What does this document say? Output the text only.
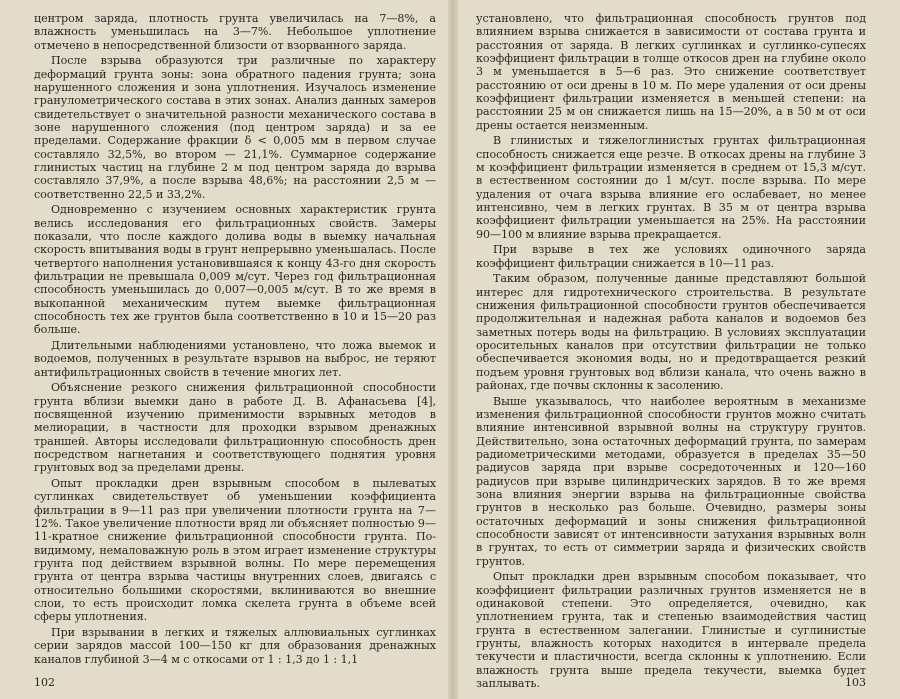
центром заряда, плотность грунта увеличилась на 7—8%, а влажность уменьшилась на 3—7%. Небольшое уплотнение отмечено в непосредственной близости от взорванного заряда.

После взрыва образуются три различные по характеру деформаций грунта зоны: зона обратного падения грунта; зона нарушенного сложения и зона уплотнения. Изучалось изменение гранулометрического состава в этих зонах. Анализ данных замеров свидетельствует о значительной разности механического состава в зоне нарушенного сложения (под центром заряда) и за ее пределами. Содержание фракции δ < 0,005 мм в первом случае составляло 32,5%, во втором — 21,1%. Суммарное содержание глинистых частиц на глубине 2 м под центром заряда до взрыва составляло 37,9%, а после взрыва 48,6%; на расстоянии 2,5 м — соответственно 22,5 и 33,2%.

Одновременно с изучением основных характеристик грунта велись исследования его фильтрационных свойств. Замеры показали, что после каждого долива воды в выемку начальная скорость впитывания воды в грунт непрерывно уменьшалась. После четвертого наполнения установившаяся к концу 43-го дня скорость фильтрации не превышала 0,009 м/сут. Через год фильтрационная способность уменьшилась до 0,007—0,005 м/сут. В то же время в выкопанной механическим путем выемке фильтрационная способность тех же грунтов была соответственно в 10 и 15—20 раз больше.

Длительными наблюдениями установлено, что ложа выемок и водоемов, полученных в результате взрывов на выброс, не теряют антифильтрационных свойств в течение многих лет.

Объяснение резкого снижения фильтрационной способности грунта вблизи выемки дано в работе Д. В. Афанасьева [4], посвященной изучению применимости взрывных методов в мелиорации, в частности для проходки взрывом дренажных траншей. Авторы исследовали фильтрационную способность дрен посредством нагнетания и соответствующего поднятия уровня грунтовых вод за пределами дрены.

Опыт прокладки дрен взрывным способом в пылеватых суглинках свидетельствует об уменьшении коэффициента фильтрации в 9—11 раз при увеличении плотности грунта на 7—12%. Такое увеличение плотности вряд ли объясняет полностью 9—11-кратное снижение фильтрационной способности грунта. По-видимому, немаловажную роль в этом играет изменение структуры грунта под действием взрывной волны. По мере перемещения грунта от центра взрыва частицы внутренних слоев, двигаясь с относительно большими скоростями, вклиниваются во внешние слои, то есть происходит ломка скелета грунта в объеме всей сферы уплотнения.

При взрывании в легких и тяжелых аллювиальных суглинках серии зарядов массой 100—150 кг для образования дренажных каналов глубиной 3—4 м с откосами от 1 : 1,3 до 1 : 1,1

102

установлено, что фильтрационная способность грунтов под влиянием взрыва снижается в зависимости от состава грунта и расстояния от заряда. В легких суглинках и суглинко-супесях коэффициент фильтрации в толще откосов дрен на глубине около 3 м уменьшается в 5—6 раз. Это снижение соответствует расстоянию от оси дрены в 10 м. По мере удаления от оси дрены коэффициент фильтрации изменяется в меньшей степени: на расстоянии 25 м он снижается лишь на 15—20%, а в 50 м от оси дрены остается неизменным.

В глинистых и тяжелоглинистых грунтах фильтрационная способность снижается еще резче. В откосах дрены на глубине 3 м коэффициент фильтрации изменяется в среднем от 15,3 м/сут. в естественном состоянии до 1 м/сут. после взрыва. По мере удаления от очага взрыва влияние его ослабевает, но менее интенсивно, чем в легких грунтах. В 35 м от центра взрыва коэффициент фильтрации уменьшается на 25%. На расстоянии 90—100 м влияние взрыва прекращается.

При взрыве в тех же условиях одиночного заряда коэффициент фильтрации снижается в 10—11 раз.

Таким образом, полученные данные представляют большой интерес для гидротехнического строительства. В результате снижения фильтрационной способности грунтов обеспечивается продолжительная и надежная работа каналов и водоемов без заметных потерь воды на фильтрацию. В условиях эксплуатации оросительных каналов при отсутствии фильтрации не только обеспечивается экономия воды, но и предотвращается резкий подъем уровня грунтовых вод вблизи канала, что очень важно в районах, где почвы склонны к засолению.

Выше указывалось, что наиболее вероятным в механизме изменения фильтрационной способности грунтов можно считать влияние интенсивной взрывной волны на структуру грунтов. Действительно, зона остаточных деформаций грунта, по замерам радиометрическими методами, образуется в пределах 35—50 радиусов заряда при взрыве сосредоточенных и 120—160 радиусов при взрыве цилиндрических зарядов. В то же время зона влияния энергии взрыва на фильтрационные свойства грунтов в несколько раз больше. Очевидно, размеры зоны остаточных деформаций и зоны снижения фильтрационной способности зависят от интенсивности затухания взрывных волн в грунтах, то есть от симметрии заряда и физических свойств грунтов.

Опыт прокладки дрен взрывным способом показывает, что коэффициент фильтрации различных грунтов изменяется не в одинаковой степени. Это определяется, очевидно, как уплотнением грунта, так и степенью взаимодействия частиц грунта в естественном залегании. Глинистые и суглинистые грунты, влажность которых находится в интервале предела текучести и пластичности, всегда склонны к уплотнению. Если влажность грунта выше предела текучести, выемка будет заплывать.	103
